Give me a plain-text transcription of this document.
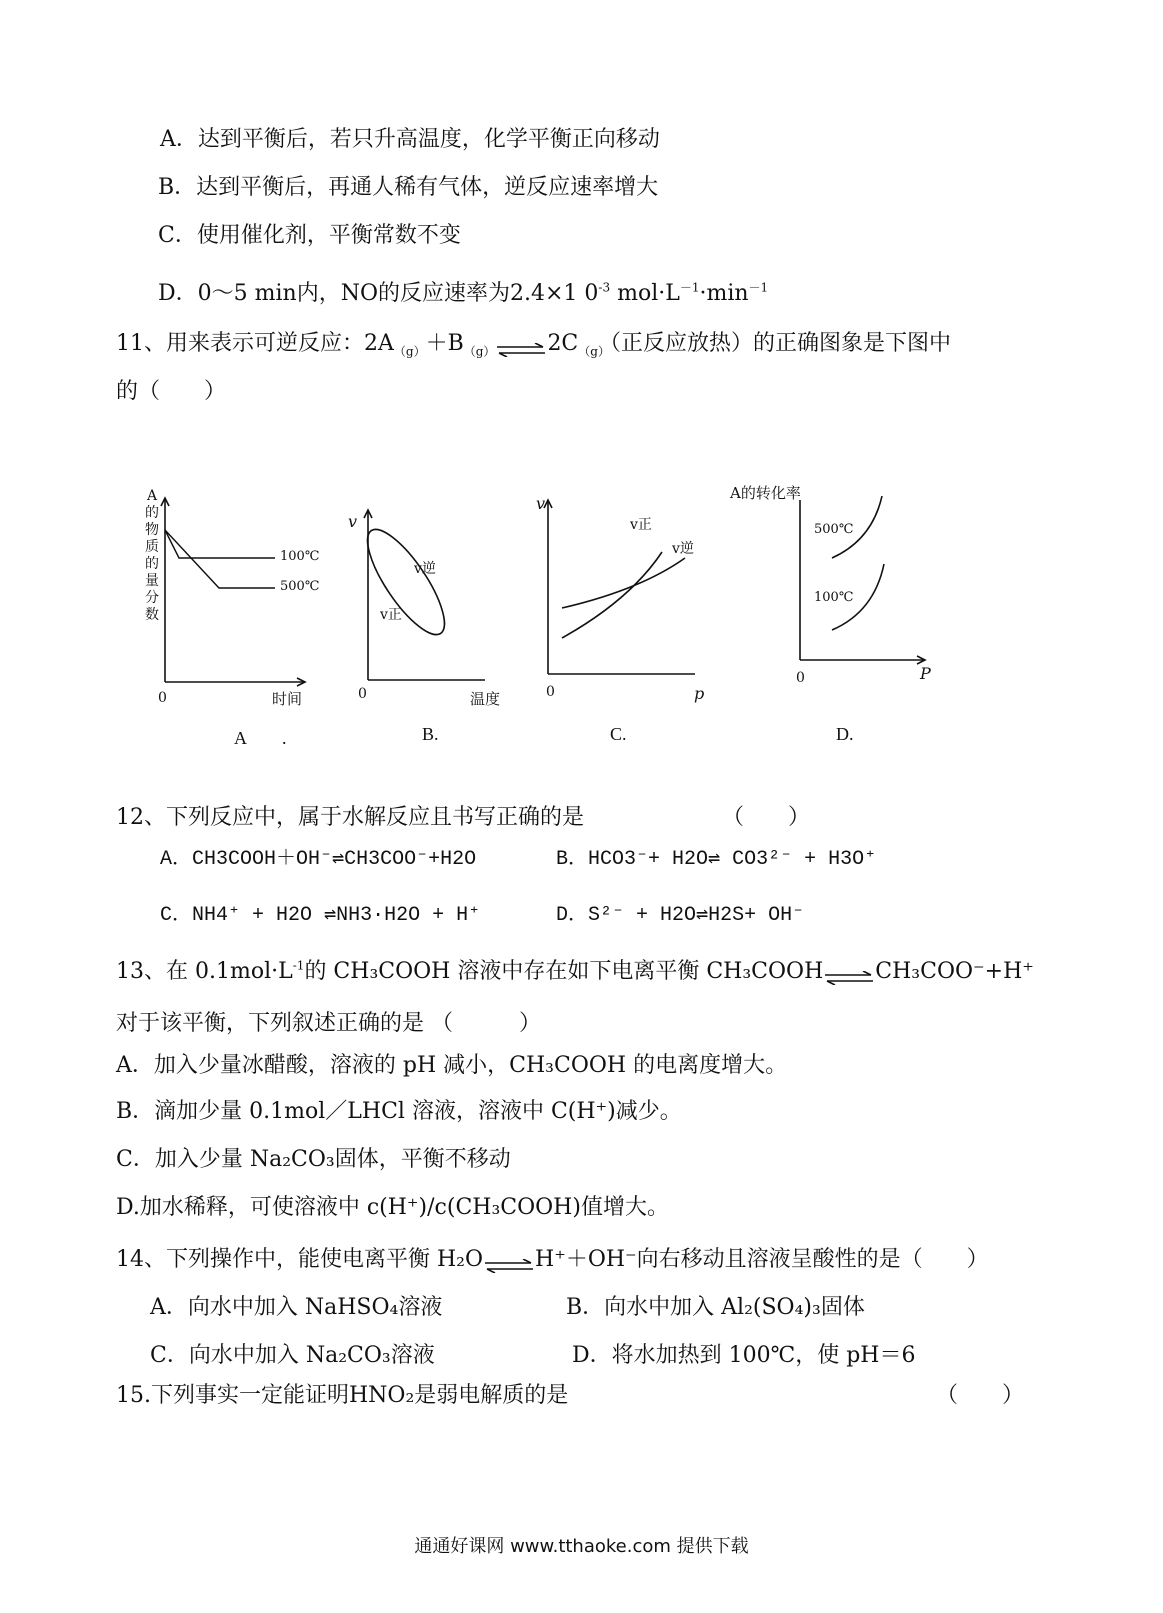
A．达到平衡后，若只升高温度，化学平衡正向移动
B．达到平衡后，再通人稀有气体，逆反应速率增大
C．使用催化剂，平衡常数不变
D．0～5 min内，NO的反应速率为2.4×1 $0^{-3}$ $mol\cdot L^{-1}\cdot\min^{-1}$
11、用来表示可逆反应：$2A_{(g)}+B_{(g)}$ $\rightleftharpoons 2C_{(g)}$（正反应放热）的正确图象是下图中
的（　　）
A
的
物
质
的
量
分
数
0	时间
100℃
500℃
v
0	温度
v逆
v正
v
0	p
v正
v逆
A的转化率
0	P
500℃
100℃
A　　.	B.	C.	D.
12、下列反应中，属于水解反应且书写正确的是	（　　）
A．CH3COOH＋OH⁻⇌CH3COO⁻+H2O	B．HCO3⁻+ H2O⇌ CO3²⁻ + H3O⁺
C．NH4⁺ + H2O ⇌NH3·H2O + H⁺	D．S²⁻ + H2O⇌H2S+ OH⁻
13、在 $0.1mol\cdot L^{-1}$的 CH₃COOH 溶液中存在如下电离平衡 CH₃COOH⇌CH₃COO⁻+H⁺
对于该平衡，下列叙述正确的是 （　　　）
A．加入少量冰醋酸，溶液的 pH 减小，CH₃COOH 的电离度增大。
B．滴加少量 0.1mol／LHCl 溶液，溶液中 C(H⁺)减少。
C．加入少量 Na₂CO₃固体，平衡不移动
D.加水稀释，可使溶液中 c(H⁺)/c(CH₃COOH)值增大。
14、下列操作中，能使电离平衡 H₂O⇌H⁺＋OH⁻向右移动且溶液呈酸性的是（　　）
A．向水中加入 NaHSO₄溶液	B．向水中加入 Al₂(SO₄)₃固体
C．向水中加入 Na₂CO₃溶液	D．将水加热到 100℃，使 pH＝6
15.下列事实一定能证明HNO₂是弱电解质的是	（　　）
通通好课网 www.tthaoke.com 提供下载
